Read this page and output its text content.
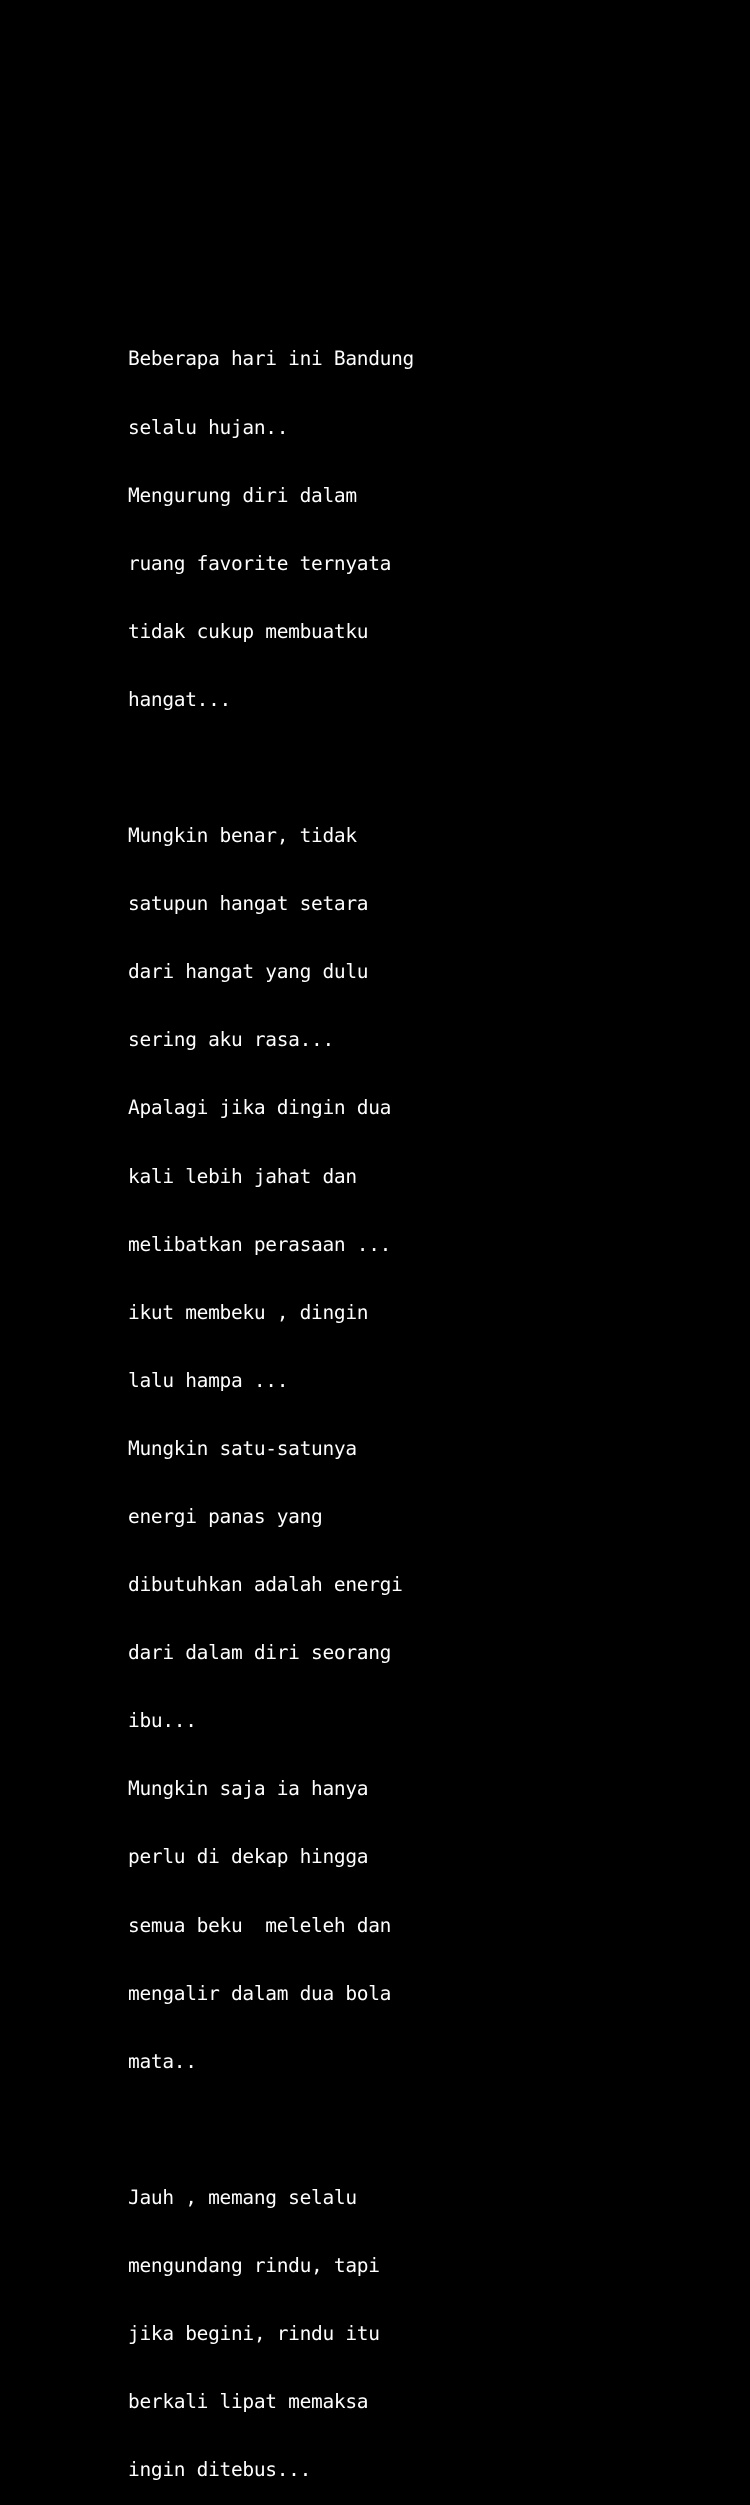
Beberapa hari ini Bandung

selalu hujan..

Mengurung diri dalam

ruang favorite ternyata

tidak cukup membuatku

hangat...

Mungkin benar, tidak

satupun hangat setara

dari hangat yang dulu

sering aku rasa...

Apalagi jika dingin dua

kali lebih jahat dan

melibatkan perasaan ...

ikut membeku , dingin

lalu hampa ...

Mungkin satu-satunya

energi panas yang

dibutuhkan adalah energi

dari dalam diri seorang

ibu...

Mungkin saja ia hanya

perlu di dekap hingga

semua beku  meleleh dan

mengalir dalam dua bola

mata..

Jauh , memang selalu

mengundang rindu, tapi

jika begini, rindu itu

berkali lipat memaksa

ingin ditebus...
